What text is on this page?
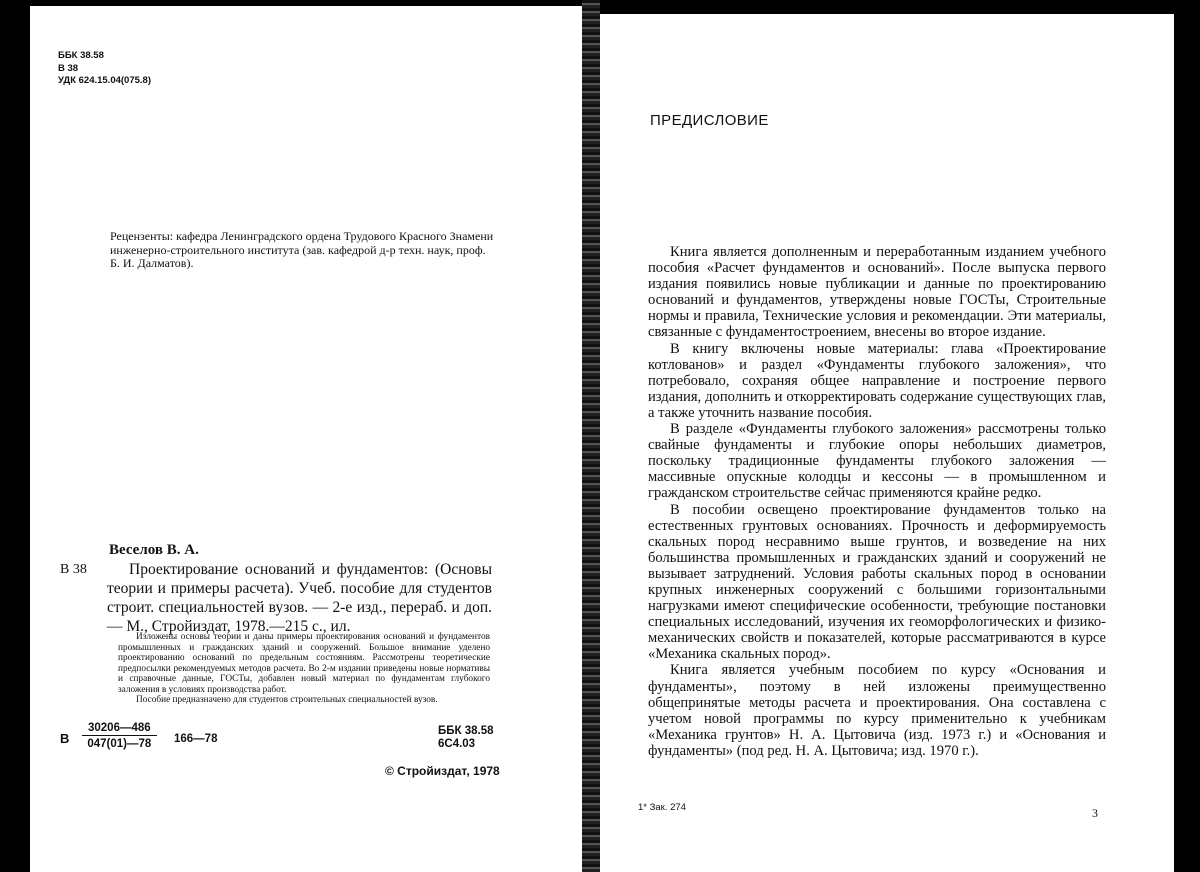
ББК 38.58
В 38
УДК 624.15.04(075.8)

Рецензенты: кафедра Ленинградского ордена Трудового Красного Знамени инженерно-строительного института (зав. кафедрой д-р техн. наук, проф. Б. И. Далматов).

Веселов В. А.
В 38	Проектирование оснований и фундаментов: (Основы теории и примеры расчета). Учеб. пособие для студентов строит. специальностей вузов. — 2-е изд., перераб. и доп. — М., Стройиздат, 1978.—215 с., ил.

Изложены основы теории и даны примеры проектирования оснований и фундаментов промышленных и гражданских зданий и сооружений. Большое внимание уделено проектированию оснований по предельным состояниям. Рассмотрены теоретические предпосылки рекомендуемых методов расчета. Во 2-м издании приведены новые нормативы и справочные данные, ГОСТы, добавлен новый материал по фундаментам глубокого заложения в условиях производства работ.

Пособие предназначено для студентов строительных специальностей вузов.

В $\frac{30206—486}{047(01)—78}$ 166—78
ББК 38.58
6С4.03
© Стройиздат, 1978
ПРЕДИСЛОВИЕ

Книга является дополненным и переработанным изданием учебного пособия «Расчет фундаментов и оснований». После выпуска первого издания появились новые публикации и данные по проектированию оснований и фундаментов, утверждены новые ГОСТы, Строительные нормы и правила, Технические условия и рекомендации. Эти материалы, связанные с фундаментостроением, внесены во второе издание.

В книгу включены новые материалы: глава «Проектирование котлованов» и раздел «Фундаменты глубокого заложения», что потребовало, сохраняя общее направление и построение первого издания, дополнить и откорректировать содержание существующих глав, а также уточнить название пособия.

В разделе «Фундаменты глубокого заложения» рассмотрены только свайные фундаменты и глубокие опоры небольших диаметров, поскольку традиционные фундаменты глубокого заложения — массивные опускные колодцы и кессоны — в промышленном и гражданском строительстве сейчас применяются крайне редко.

В пособии освещено проектирование фундаментов только на естественных грунтовых основаниях. Прочность и деформируемость скальных пород несравнимо выше грунтов, и возведение на них большинства промышленных и гражданских зданий и сооружений не вызывает затруднений. Условия работы скальных пород в основании крупных инженерных сооружений с большими горизонтальными нагрузками имеют специфические особенности, требующие постановки специальных исследований, изучения их геоморфологических и физико-механических свойств и показателей, которые рассматриваются в курсе «Механика скальных пород».

Книга является учебным пособием по курсу «Основания и фундаменты», поэтому в ней изложены преимущественно общепринятые методы расчета и проектирования. Она составлена с учетом новой программы по курсу применительно к учебникам «Механика грунтов» Н. А. Цытовича (изд. 1973 г.) и «Основания и фундаменты» (под ред. Н. А. Цытовича; изд. 1970 г.).

1* Зак. 274	3
